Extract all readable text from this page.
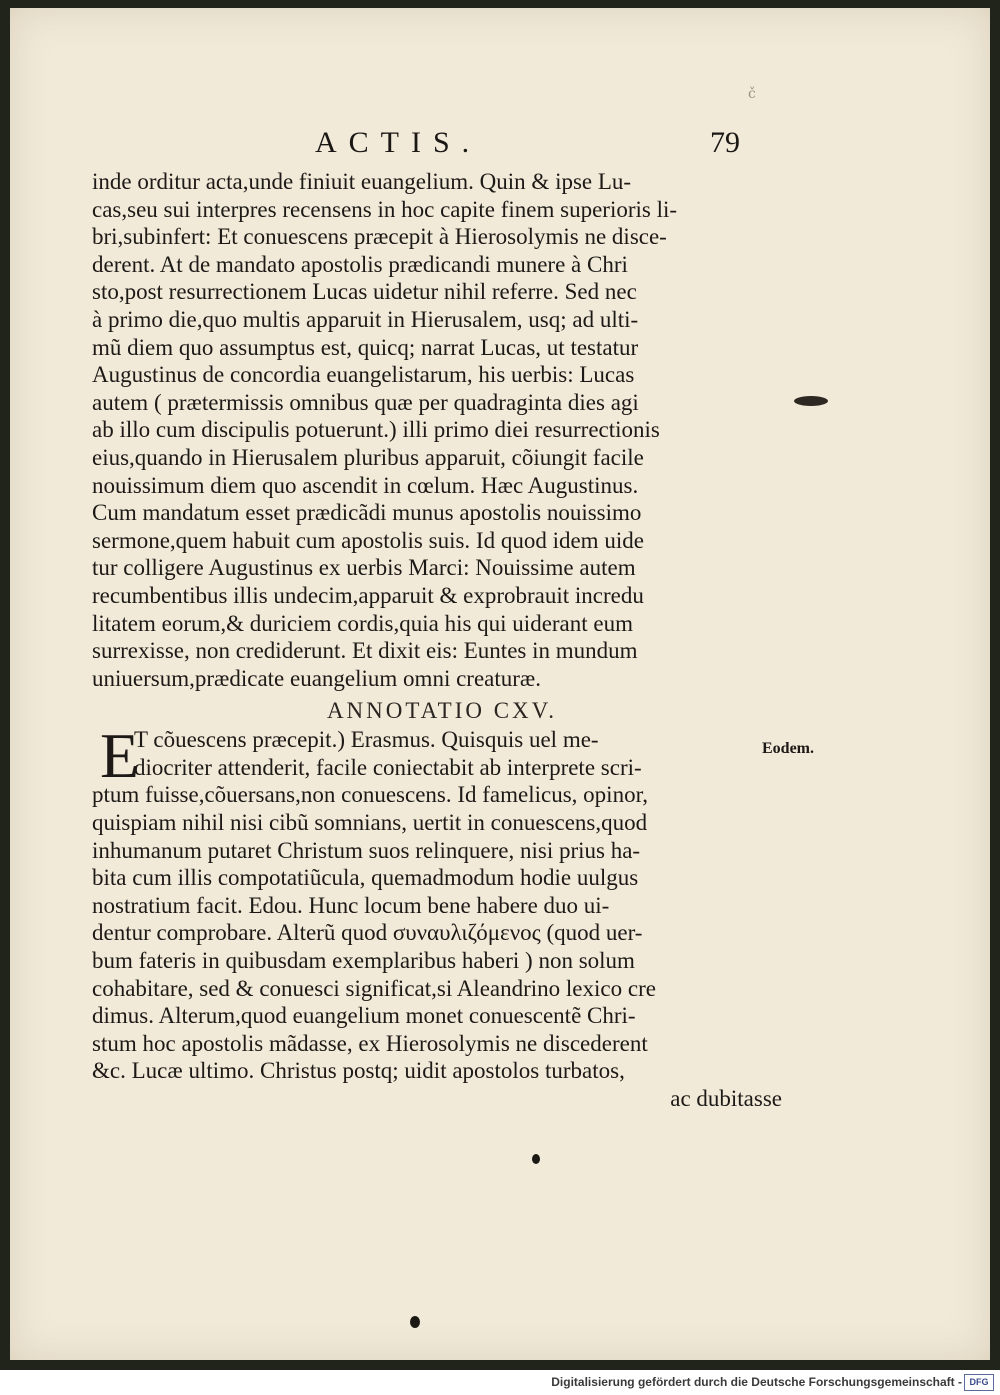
ACTIS.	79
č
inde orditur acta,unde finiuit euangelium. Quin & ipse Lu-
cas,seu sui interpres recensens in hoc capite finem superioris li-
bri,subinfert: Et conuescens præcepit à Hierosolymis ne disce-
derent. At de mandato apostolis prædicandi munere à Chri
sto,post resurrectionem Lucas uidetur nihil referre. Sed nec
à primo die,quo multis apparuit in Hierusalem, usq; ad ulti-
mũ diem quo assumptus est, quicq; narrat Lucas, ut testatur
Augustinus de concordia euangelistarum, his uerbis: Lucas
autem ( prætermissis omnibus quæ per quadraginta dies agi
ab illo cum discipulis potuerunt.) illi primo diei resurrectionis
eius,quando in Hierusalem pluribus apparuit, cõiungit facile
nouissimum diem quo ascendit in cœlum. Hæc Augustinus.
Cum mandatum esset prædicãdi munus apostolis nouissimo
sermone,quem habuit cum apostolis suis. Id quod idem uide
tur colligere Augustinus ex uerbis Marci: Nouissime autem
recumbentibus illis undecim,apparuit & exprobrauit incredu
litatem eorum,& duriciem cordis,quia his qui uiderant eum
surrexisse, non crediderunt. Et dixit eis: Euntes in mundum
uniuersum,prædicate euangelium omni creaturæ.
ANNOTATIO CXV.
E
T cõuescens præcepit.) Erasmus. Quisquis uel me-
diocriter attenderit, facile coniectabit ab interprete scri-
ptum fuisse,cõuersans,non conuescens. Id famelicus, opinor,
quispiam nihil nisi cibũ somnians, uertit in conuescens,quod
inhumanum putaret Christum suos relinquere, nisi prius ha-
bita cum illis compotatiũcula, quemadmodum hodie uulgus
nostratium facit. Edou. Hunc locum bene habere duo ui-
dentur comprobare. Alterũ quod συναυλιζόμενος (quod uer-
bum fateris in quibusdam exemplaribus haberi ) non solum
cohabitare, sed & conuesci significat,si Aleandrino lexico cre
dimus. Alterum,quod euangelium monet conuescentẽ Chri-
stum hoc apostolis mãdasse, ex Hierosolymis ne discederent
&c. Lucæ ultimo. Christus postq; uidit apostolos turbatos,
ac dubitasse
Eodem.
Digitalisierung gefördert durch die Deutsche Forschungsgemeinschaft - DFG
